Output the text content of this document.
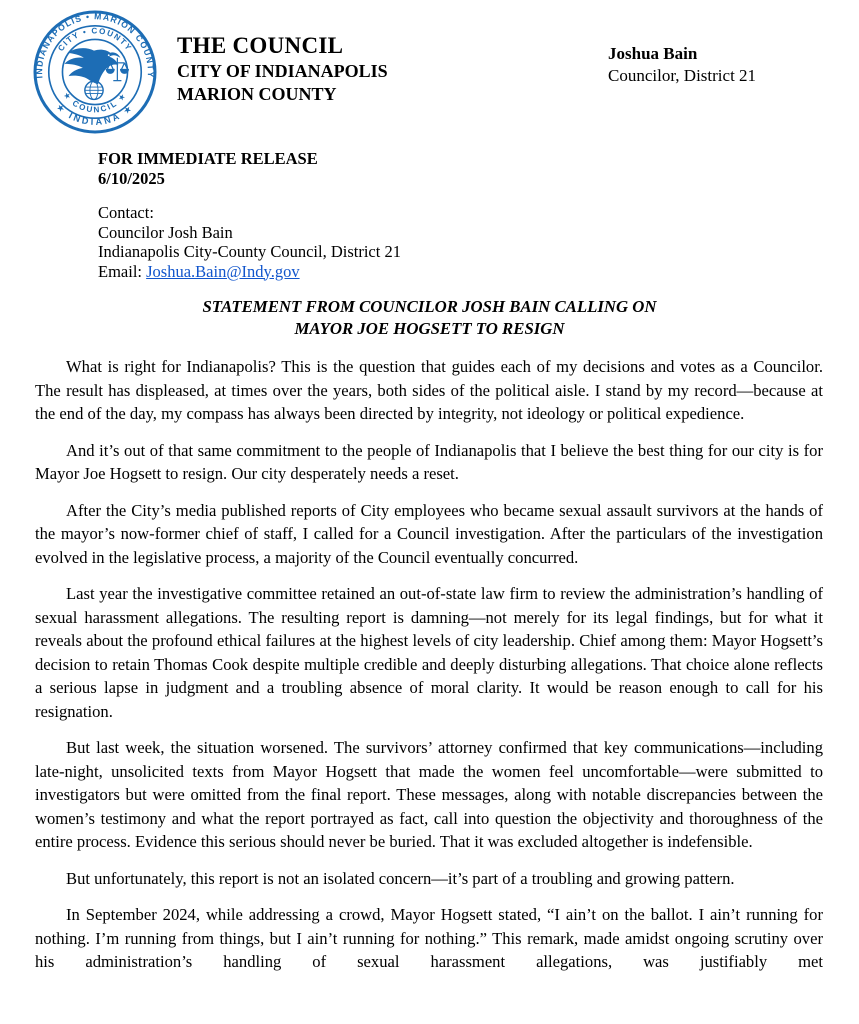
INDIANAPOLIS • MARION COUNTY
★ INDIANA ★
CITY • COUNTY
★ COUNCIL ★
THE COUNCIL
CITY OF INDIANAPOLIS
MARION COUNTY
Joshua Bain
Councilor, District 21
FOR IMMEDIATE RELEASE
6/10/2025
Contact:
Councilor Josh Bain
Indianapolis City-County Council, District 21
Email: Joshua.Bain@Indy.gov
STATEMENT FROM COUNCILOR JOSH BAIN CALLING ON
MAYOR JOE HOGSETT TO RESIGN

What is right for Indianapolis? This is the question that guides each of my decisions and votes as a Councilor. The result has displeased, at times over the years, both sides of the political aisle. I stand by my record—because at the end of the day, my compass has always been directed by integrity, not ideology or political expedience.

And it’s out of that same commitment to the people of Indianapolis that I believe the best thing for our city is for Mayor Joe Hogsett to resign. Our city desperately needs a reset.

After the City’s media published reports of City employees who became sexual assault survivors at the hands of the mayor’s now-former chief of staff, I called for a Council investigation. After the particulars of the investigation evolved in the legislative process, a majority of the Council eventually concurred.

Last year the investigative committee retained an out-of-state law firm to review the administration’s handling of sexual harassment allegations. The resulting report is damning—not merely for its legal findings, but for what it reveals about the profound ethical failures at the highest levels of city leadership. Chief among them: Mayor Hogsett’s decision to retain Thomas Cook despite multiple credible and deeply disturbing allegations. That choice alone reflects a serious lapse in judgment and a troubling absence of moral clarity. It would be reason enough to call for his resignation.

But last week, the situation worsened. The survivors’ attorney confirmed that key communications—including late-night, unsolicited texts from Mayor Hogsett that made the women feel uncomfortable—were submitted to investigators but were omitted from the final report. These messages, along with notable discrepancies between the women’s testimony and what the report portrayed as fact, call into question the objectivity and thoroughness of the entire process. Evidence this serious should never be buried. That it was excluded altogether is indefensible.

But unfortunately, this report is not an isolated concern—it’s part of a troubling and growing pattern.

In September 2024, while addressing a crowd, Mayor Hogsett stated, “I ain’t on the ballot. I ain’t running for nothing. I’m running from things, but I ain’t running for nothing.” This remark, made amidst ongoing scrutiny over his administration’s handling of sexual harassment allegations, was justifiably met
